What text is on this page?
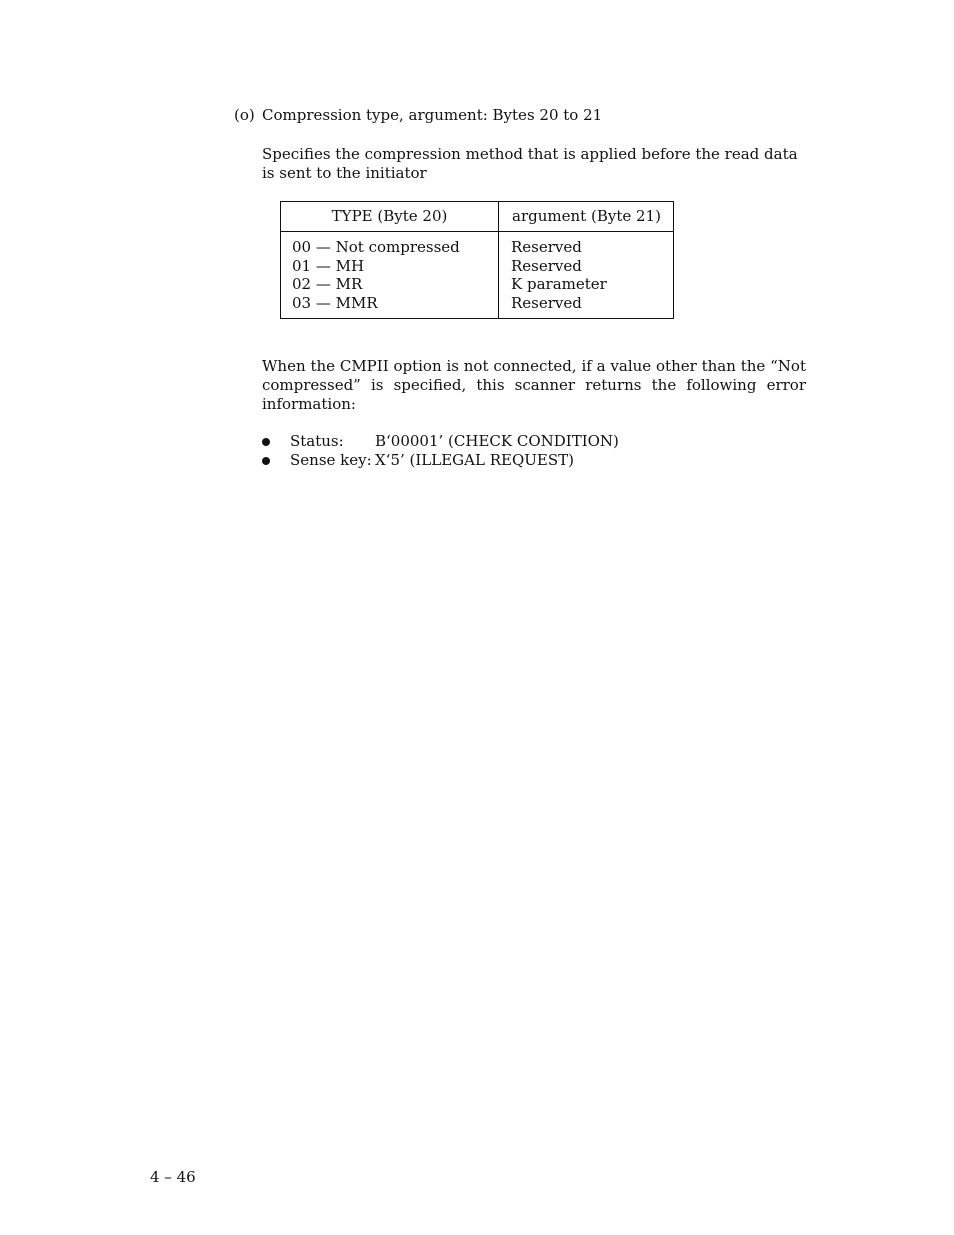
(o) Compression type, argument: Bytes 20 to 21
Specifies the compression method that is applied before the read data is sent to the initiator
TYPE (Byte 20)	argument (Byte 21)
00 — Not compressed
01 — MH
02 — MR
03 — MMR
Reserved
Reserved
K parameter
Reserved
When the CMPII option is not connected, if a value other than the “Not compressed” is specified, this scanner returns the following error information:
Status: B‘00001’ (CHECK CONDITION)
Sense key: X‘5’ (ILLEGAL REQUEST)
4 – 46
